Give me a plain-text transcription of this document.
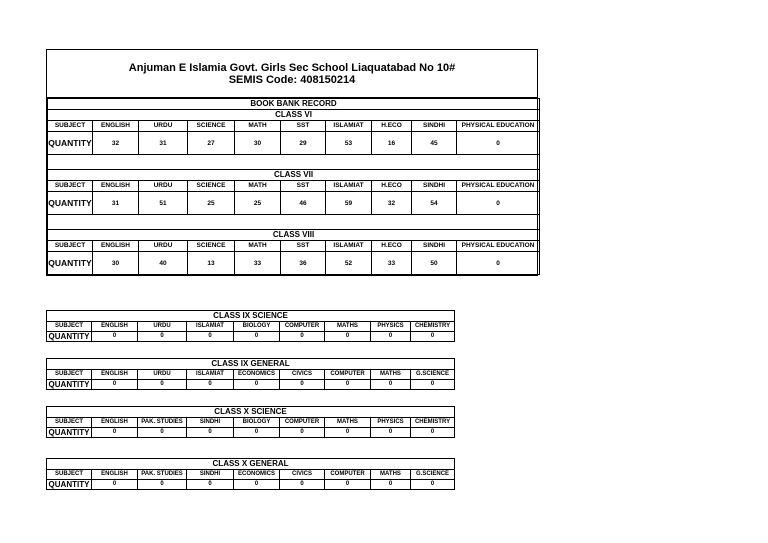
Anjuman E Islamia Govt. Girls Sec School Liaquatabad No 10#
SEMIS Code: 408150214
BOOK BANK RECORD									
CLASS VI									
SUBJECT	ENGLISH	URDU	SCIENCE	MATH	SST	ISLAMIAT	H.ECO	SINDHI	PHYSICAL EDUCATION
QUANTITY	32	31	27	30	29	53	16	45	0

CLASS VII									
SUBJECT	ENGLISH	URDU	SCIENCE	MATH	SST	ISLAMIAT	H.ECO	SINDHI	PHYSICAL EDUCATION
QUANTITY	31	51	25	25	46	59	32	54	0

CLASS VIII									
SUBJECT	ENGLISH	URDU	SCIENCE	MATH	SST	ISLAMIAT	H.ECO	SINDHI	PHYSICAL EDUCATION
QUANTITY	30	40	13	33	36	52	33	50	0
CLASS IX SCIENCE								
SUBJECT	ENGLISH	URDU	ISLAMIAT	BIOLOGY	COMPUTER	MATHS	PHYSICS	CHEMISTRY
QUANTITY	0	0	0	0	0	0	0	0
CLASS IX GENERAL								
SUBJECT	ENGLISH	URDU	ISLAMIAT	ECONOMICS	CIVICS	COMPUTER	MATHS	G.SCIENCE
QUANTITY	0	0	0	0	0	0	0	0
CLASS X SCIENCE								
SUBJECT	ENGLISH	PAK. STUDIES	SINDHI	BIOLOGY	COMPUTER	MATHS	PHYSICS	CHEMISTRY
QUANTITY	0	0	0	0	0	0	0	0
CLASS X GENERAL								
SUBJECT	ENGLISH	PAK. STUDIES	SINDHI	ECONOMICS	CIVICS	COMPUTER	MATHS	G.SCIENCE
QUANTITY	0	0	0	0	0	0	0	0
